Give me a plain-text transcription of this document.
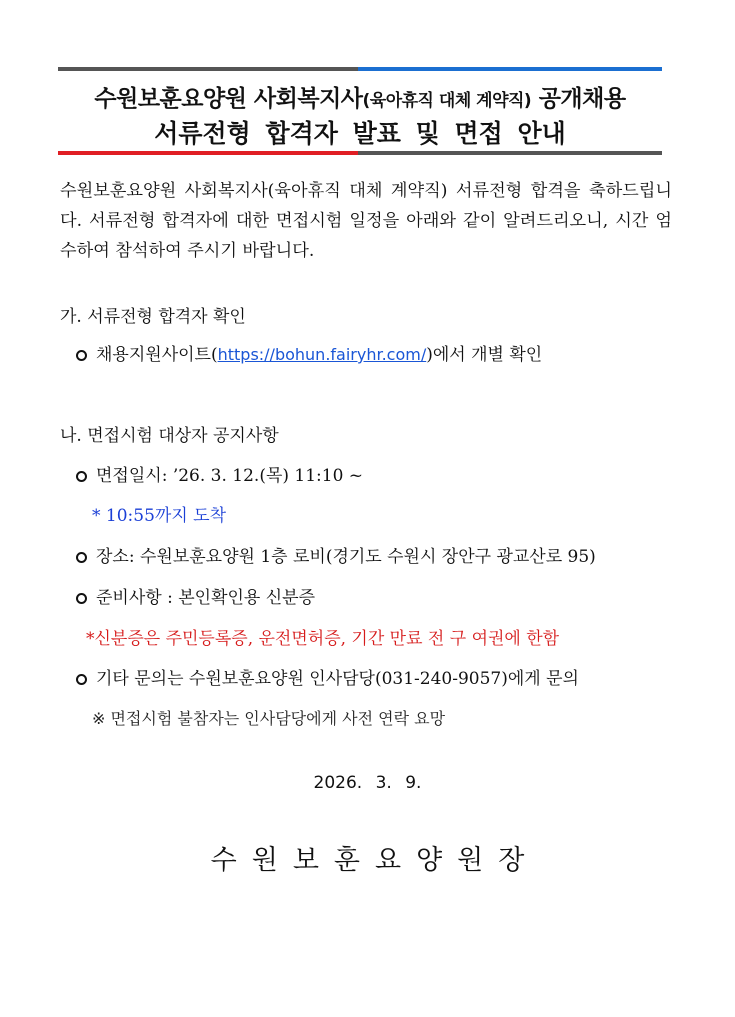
수원보훈요양원 사회복지사(육아휴직 대체 계약직) 공개채용
서류전형 합격자 발표 및 면접 안내
수원보훈요양원 사회복지사(육아휴직 대체 계약직) 서류전형 합격을 축하드립니다. 서류전형 합격자에 대한 면접시험 일정을 아래와 같이 알려드리오니, 시간 엄수하여 참석하여 주시기 바랍니다.
가. 서류전형 합격자 확인
채용지원사이트(https://bohun.fairyhr.com/)에서 개별 확인
나. 면접시험 대상자 공지사항
면접일시: ’26. 3. 12.(목) 11:10 ~
* 10:55까지 도착
장소: 수원보훈요양원 1층 로비(경기도 수원시 장안구 광교산로 95)
준비사항 : 본인확인용 신분증
*신분증은 주민등록증, 운전면허증, 기간 만료 전 구 여권에 한함
기타 문의는 수원보훈요양원 인사담당(031-240-9057)에게 문의
※ 면접시험 불참자는 인사담당에게 사전 연락 요망
2026. 3. 9.
수원보훈요양원장
